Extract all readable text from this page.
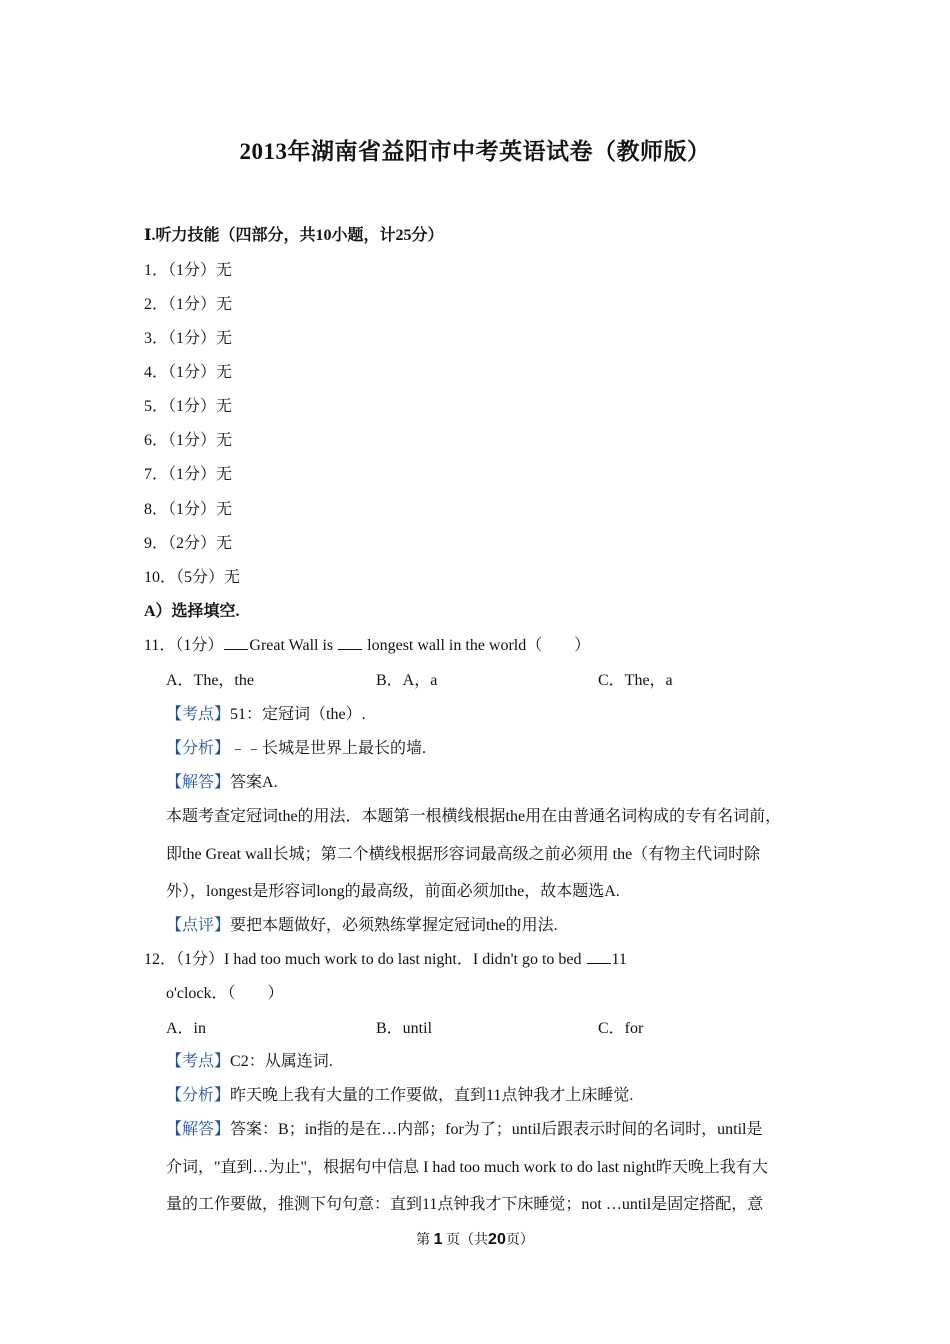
2013年湖南省益阳市中考英语试卷（教师版）
Ⅰ.听力技能（四部分，共10小题，计25分）
1．（1分）无
2．（1分）无
3．（1分）无
4．（1分）无
5．（1分）无
6．（1分）无
7．（1分）无
8．（1分）无
9．（2分）无
10．（5分）无
A）选择填空.
11．（1分） Great Wall is  longest wall in the world（　　）
A．The，the	B．A，a	C．The，a
【考点】51：定冠词（the）.
【分析】﹣﹣长城是世界上最长的墙.
【解答】答案A.
本题考查定冠词the的用法．本题第一根横线根据the用在由普通名词构成的专有名词前，
即the Great wall长城；第二个横线根据形容词最高级之前必须用 the（有物主代词时除
外），longest是形容词long的最高级，前面必须加the，故本题选A.
【点评】要把本题做好，必须熟练掌握定冠词the的用法.
12．（1分）I had too much work to do last night．I didn't go to bed 11
o'clock．（　　）
A．in	B．until	C．for
【考点】C2：从属连词.
【分析】昨天晚上我有大量的工作要做，直到11点钟我才上床睡觉.
【解答】答案：B；in指的是在…内部；for为了；until后跟表示时间的名词时，until是
介词，"直到…为止"，根据句中信息 I had too much work to do last night昨天晚上我有大
量的工作要做，推测下句句意：直到11点钟我才下床睡觉；not …until是固定搭配，意
第 1 页（共20页）
